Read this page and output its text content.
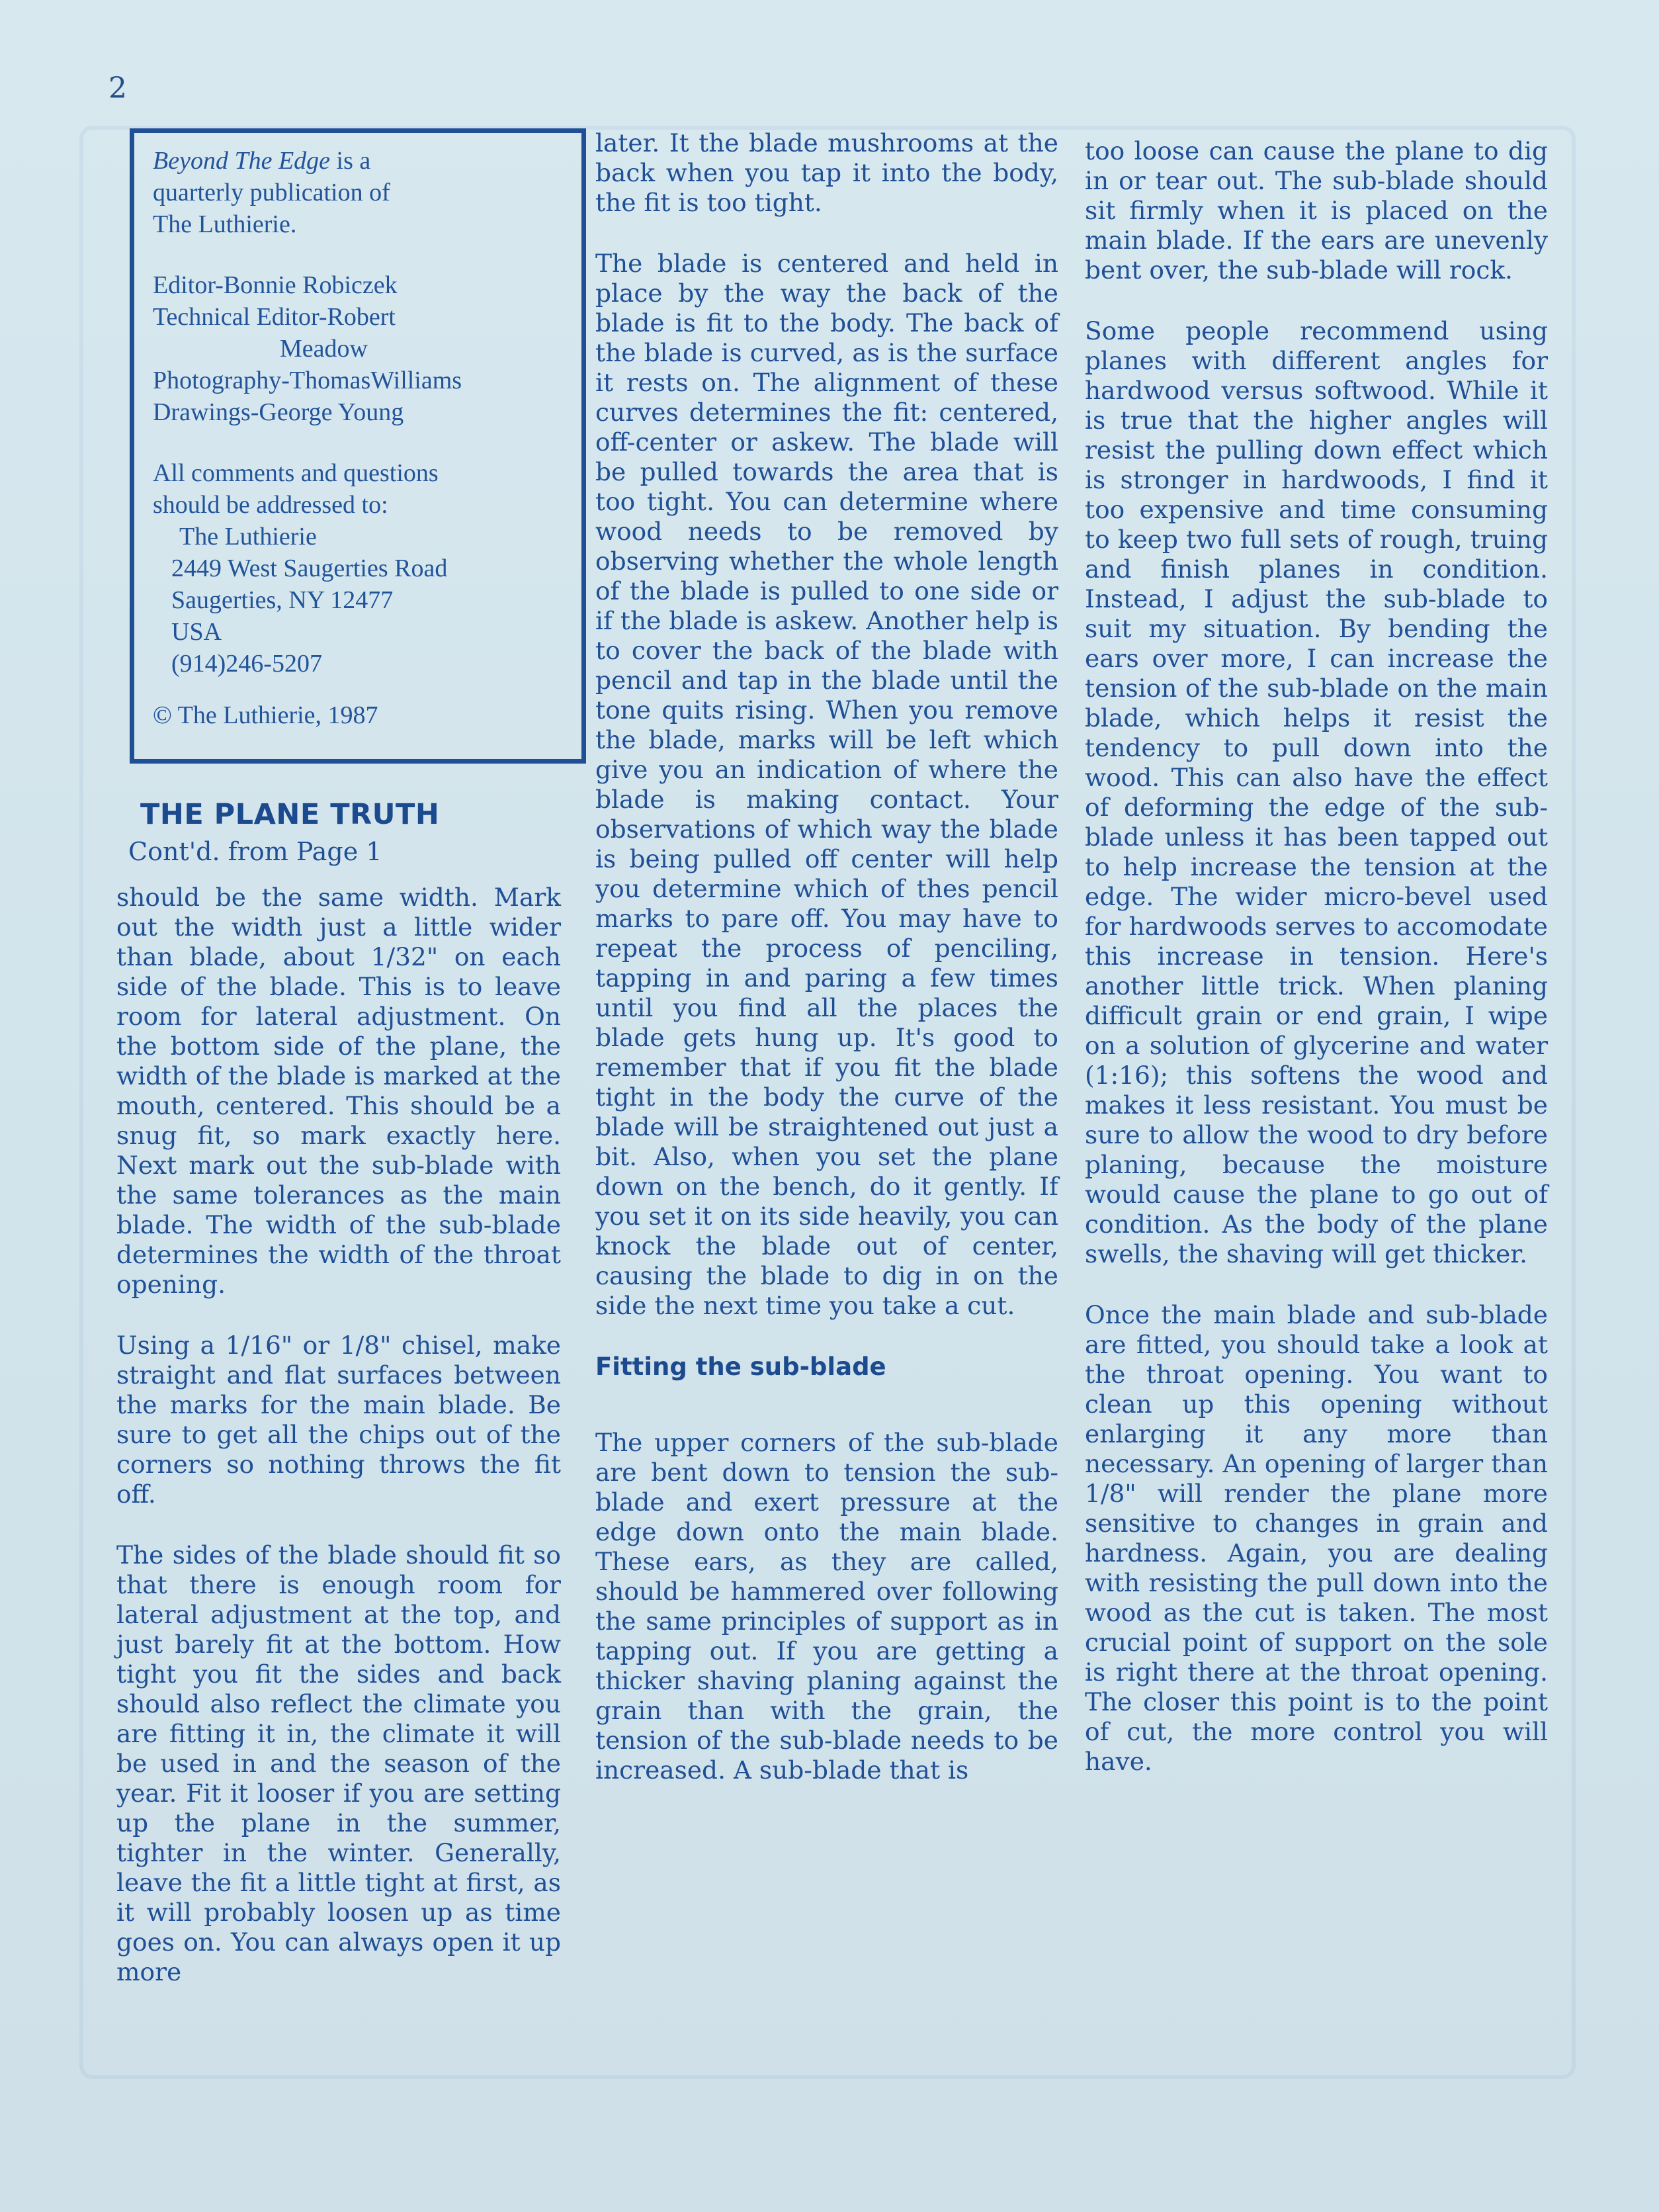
2

Beyond The Edge is a

quarterly publication of

The Luthierie.

Editor-Bonnie Robiczek

Technical Editor-Robert

Meadow

Photography-ThomasWilliams

Drawings-George Young

All comments and questions

should be addressed to:

The Luthierie

2449 West Saugerties Road

Saugerties, NY 12477

USA

(914)246-5207

© The Luthierie, 1987

THE PLANE TRUTH
Cont'd. from Page 1

should be the same width. Mark out the width just a little wider than blade, about 1/32" on each side of the blade. This is to leave room for lateral adjustment. On the bottom side of the plane, the width of the blade is marked at the mouth, centered. This should be a snug fit, so mark exactly here. Next mark out the sub-blade with the same tolerances as the main blade. The width of the sub-blade determines the width of the throat opening.

Using a 1/16" or 1/8" chisel, make straight and flat surfaces between the marks for the main blade. Be sure to get all the chips out of the corners so nothing throws the fit off.

The sides of the blade should fit so that there is enough room for lateral adjustment at the top, and just barely fit at the bottom. How tight you fit the sides and back should also reflect the climate you are fitting it in, the climate it will be used in and the season of the year. Fit it looser if you are setting up the plane in the summer, tighter in the winter. Generally, leave the fit a little tight at first, as it will probably loosen up as time goes on. You can always open it up more

later. It the blade mushrooms at the back when you tap it into the body, the fit is too tight.

The blade is centered and held in place by the way the back of the blade is fit to the body. The back of the blade is curved, as is the surface it rests on. The alignment of these curves determines the fit: centered, off-center or askew. The blade will be pulled towards the area that is too tight. You can determine where wood needs to be removed by observing whether the whole length of the blade is pulled to one side or if the blade is askew. Another help is to cover the back of the blade with pencil and tap in the blade until the tone quits rising. When you remove the blade, marks will be left which give you an indication of where the blade is making contact. Your observations of which way the blade is being pulled off center will help you determine which of thes pencil marks to pare off. You may have to repeat the process of penciling, tapping in and paring a few times until you find all the places the blade gets hung up. It's good to remember that if you fit the blade tight in the body the curve of the blade will be straightened out just a bit. Also, when you set the plane down on the bench, do it gently. If you set it on its side heavily, you can knock the blade out of center, causing the blade to dig in on the side the next time you take a cut.

Fitting the sub-blade

The upper corners of the sub-blade are bent down to tension the sub-blade and exert pressure at the edge down onto the main blade. These ears, as they are called, should be hammered over following the same principles of support as in tapping out. If you are getting a thicker shaving planing against the grain than with the grain, the tension of the sub-blade needs to be increased. A sub-blade that is

too loose can cause the plane to dig in or tear out. The sub-blade should sit firmly when it is placed on the main blade. If the ears are unevenly bent over, the sub-blade will rock.

Some people recommend using planes with different angles for hardwood versus softwood. While it is true that the higher angles will resist the pulling down effect which is stronger in hardwoods, I find it too expensive and time consuming to keep two full sets of rough, truing and finish planes in condition. Instead, I adjust the sub-blade to suit my situation. By bending the ears over more, I can increase the tension of the sub-blade on the main blade, which helps it resist the tendency to pull down into the wood. This can also have the effect of deforming the edge of the sub-blade unless it has been tapped out to help increase the tension at the edge. The wider micro-bevel used for hardwoods serves to accomodate this increase in tension. Here's another little trick. When planing difficult grain or end grain, I wipe on a solution of glycerine and water (1:16); this softens the wood and makes it less resistant. You must be sure to allow the wood to dry before planing, because the moisture would cause the plane to go out of condition. As the body of the plane swells, the shaving will get thicker.

Once the main blade and sub-blade are fitted, you should take a look at the throat opening. You want to clean up this opening without enlarging it any more than necessary. An opening of larger than 1/8" will render the plane more sensitive to changes in grain and hardness. Again, you are dealing with resisting the pull down into the wood as the cut is taken. The most crucial point of support on the sole is right there at the throat opening. The closer this point is to the point of cut, the more control you will have.
